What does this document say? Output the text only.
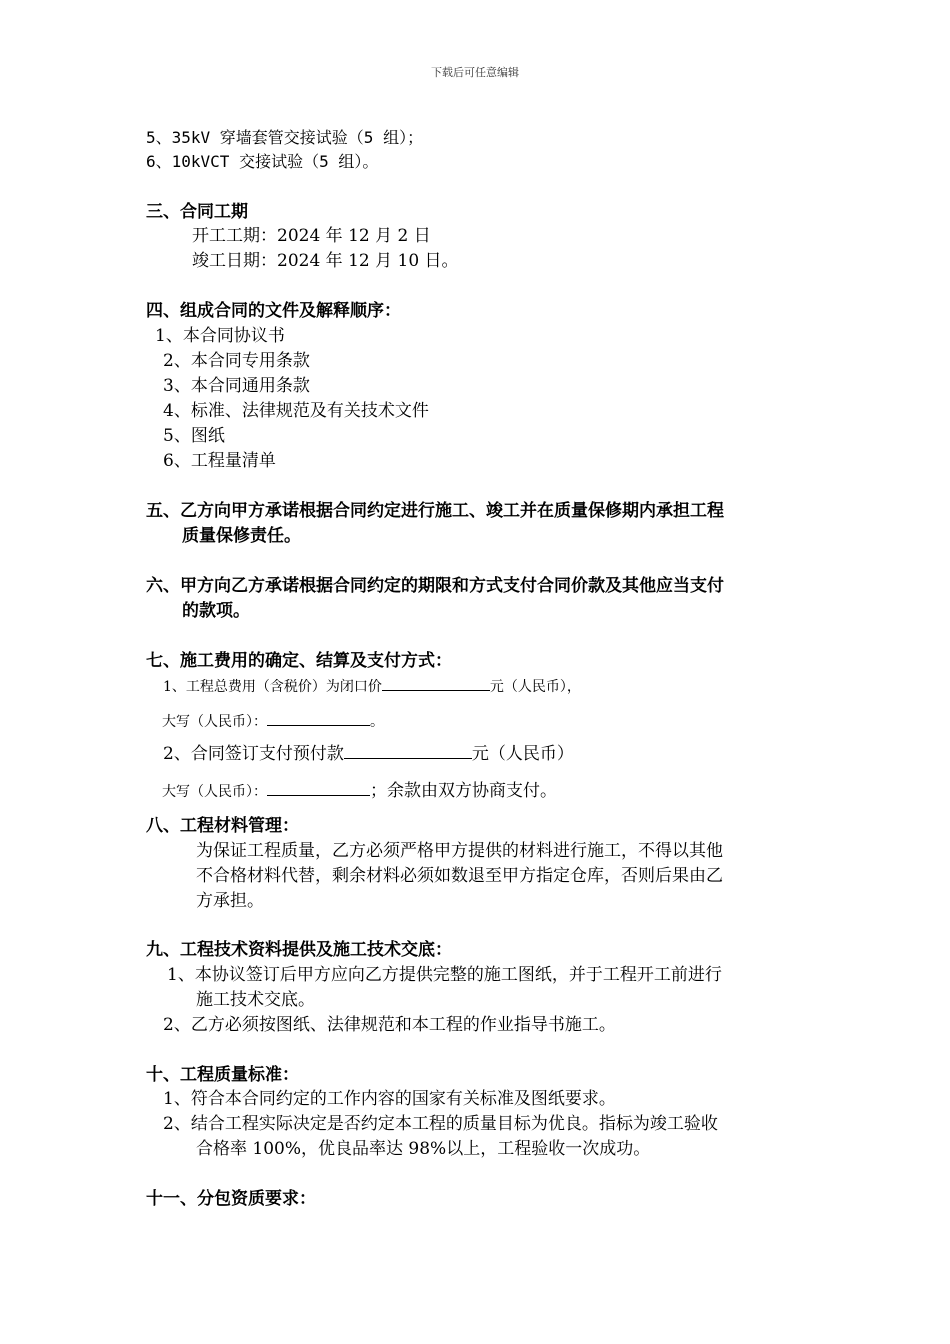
下载后可任意编辑
5、35kV 穿墙套管交接试验（5 组）；
6、10kVCT 交接试验（5 组）。
三、合同工期
开工工期：2024 年 12 月 2 日
竣工日期：2024 年 12 月 10 日。
四、组成合同的文件及解释顺序：
1、本合同协议书
2、本合同专用条款
3、本合同通用条款
4、标准、法律规范及有关技术文件
5、图纸
6、工程量清单
五、乙方向甲方承诺根据合同约定进行施工、竣工并在质量保修期内承担工程
质量保修责任。
六、甲方向乙方承诺根据合同约定的期限和方式支付合同价款及其他应当支付
的款项。
七、施工费用的确定、结算及支付方式：
1、工程总费用（含税价）为闭口价	元（人民币），
大写（人民币）：	。
2、合同签订支付预付款	元（人民币）
大写（人民币）：	；余款由双方协商支付。
八、工程材料管理：
为保证工程质量，乙方必须严格甲方提供的材料进行施工，不得以其他
不合格材料代替，剩余材料必须如数退至甲方指定仓库，否则后果由乙
方承担。
九、工程技术资料提供及施工技术交底：
1、本协议签订后甲方应向乙方提供完整的施工图纸，并于工程开工前进行
施工技术交底。
2、乙方必须按图纸、法律规范和本工程的作业指导书施工。
十、工程质量标准：
1、符合本合同约定的工作内容的国家有关标准及图纸要求。
2、结合工程实际决定是否约定本工程的质量目标为优良。指标为竣工验收
合格率 100%，优良品率达 98%以上，工程验收一次成功。
十一、分包资质要求：
